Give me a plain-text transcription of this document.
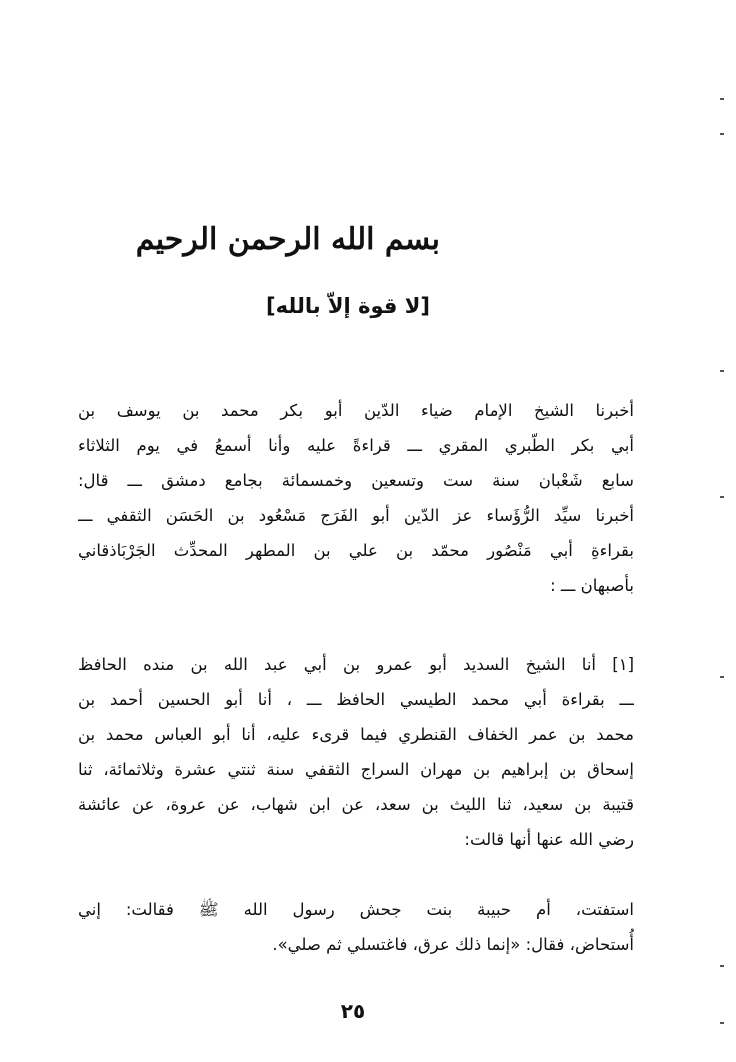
بسم الله الرحمن الرحيم
[لا قوة إلاّ بالله]
أخبرنا الشيخ الإمام ضياء الدّين أبو بكر محمد بن يوسف بن
أبي بكر الطّبري المقري ـــ قراءةً عليه وأنا أسمعُ في يوم الثلاثاء
سابع شَعْبان سنة ست وتسعين وخمسمائة بجامع دمشق ـــ قال:
أخبرنا سيِّد الرُّؤَساء عز الدّين أبو الفَرَج مَسْعُود بن الحَسَن الثقفي ـــ
بقراءةِ أبي مَنْصُور محمّد بن علي بن المطهر المحدِّث الجَرْبَاذقاني
بأصبهان ـــ :
[١] أنا الشيخ السديد أبو عمرو بن أبي عبد الله بن منده الحافظ
ـــ بقراءة أبي محمد الطيسي الحافظ ـــ ، أنا أبو الحسين أحمد بن
محمد بن عمر الخفاف القنطري فيما قرىء عليه، أنا أبو العباس محمد بن
إسحاق بن إبراهيم بن مهران السراج الثقفي سنة ثنتي عشرة وثلاثمائة، ثنا
قتيبة بن سعيد، ثنا الليث بن سعد، عن ابن شهاب، عن عروة، عن عائشة
رضي الله عنها أنها قالت:
استفتت، أم حبيبة بنت جحش رسول الله ﷺ فقالت: إني
أُستحاض، فقال: «إنما ذلك عرق، فاغتسلي ثم صلي».
٢٥
